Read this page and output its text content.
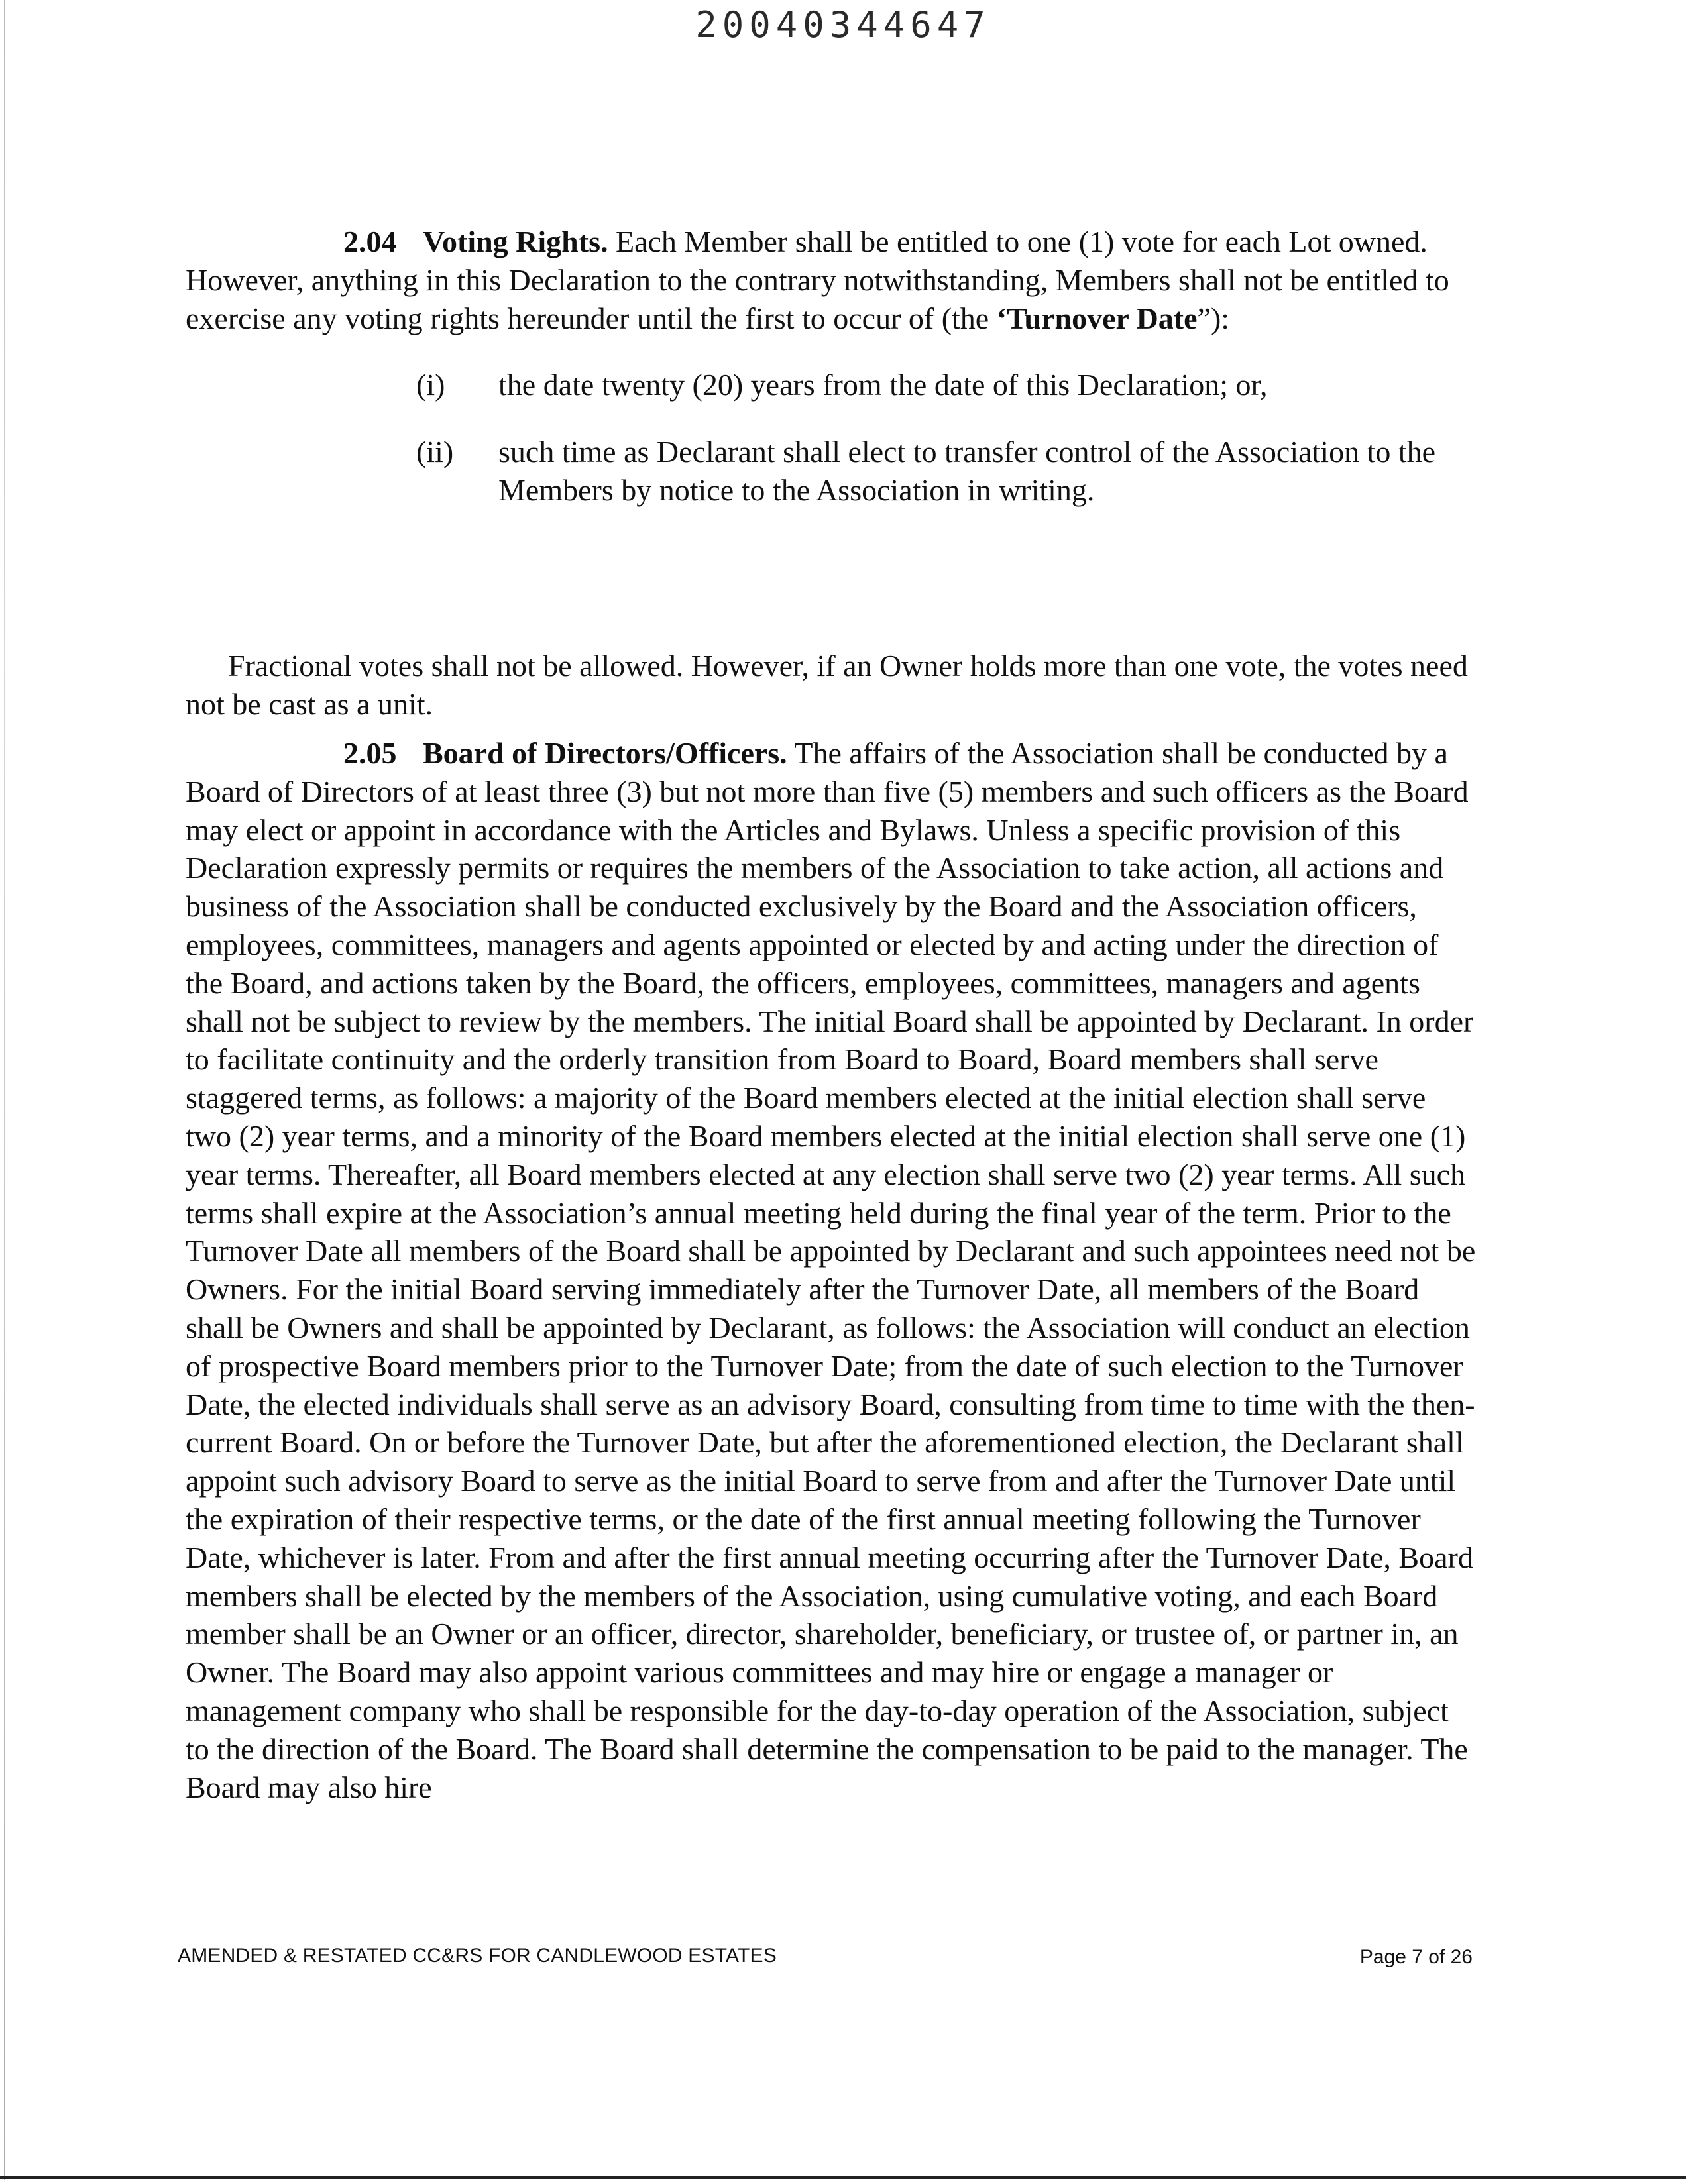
20040344647

2.04 Voting Rights. Each Member shall be entitled to one (1) vote for each Lot owned. However, anything in this Declaration to the contrary notwithstanding, Members shall not be entitled to exercise any voting rights hereunder until the first to occur of (the ‘Turnover Date”):

(i)	the date twenty (20) years from the date of this Declaration; or,
(ii)	such time as Declarant shall elect to transfer control of the Association to the Members by notice to the Association in writing.

Fractional votes shall not be allowed. However, if an Owner holds more than one vote, the votes need not be cast as a unit.

2.05 Board of Directors/Officers. The affairs of the Association shall be conducted by a Board of Directors of at least three (3) but not more than five (5) members and such officers as the Board may elect or appoint in accordance with the Articles and Bylaws. Unless a specific provision of this Declaration expressly permits or requires the members of the Association to take action, all actions and business of the Association shall be conducted exclusively by the Board and the Association officers, employees, committees, managers and agents appointed or elected by and acting under the direction of the Board, and actions taken by the Board, the officers, employees, committees, managers and agents shall not be subject to review by the members. The initial Board shall be appointed by Declarant. In order to facilitate continuity and the orderly transition from Board to Board, Board members shall serve staggered terms, as follows: a majority of the Board members elected at the initial election shall serve two (2) year terms, and a minority of the Board members elected at the initial election shall serve one (1) year terms. Thereafter, all Board members elected at any election shall serve two (2) year terms. All such terms shall expire at the Association’s annual meeting held during the final year of the term. Prior to the Turnover Date all members of the Board shall be appointed by Declarant and such appointees need not be Owners. For the initial Board serving immediately after the Turnover Date, all members of the Board shall be Owners and shall be appointed by Declarant, as follows: the Association will conduct an election of prospective Board members prior to the Turnover Date; from the date of such election to the Turnover Date, the elected individuals shall serve as an advisory Board, consulting from time to time with the then-current Board. On or before the Turnover Date, but after the aforementioned election, the Declarant shall appoint such advisory Board to serve as the initial Board to serve from and after the Turnover Date until the expiration of their respective terms, or the date of the first annual meeting following the Turnover Date, whichever is later. From and after the first annual meeting occurring after the Turnover Date, Board members shall be elected by the members of the Association, using cumulative voting, and each Board member shall be an Owner or an officer, director, shareholder, beneficiary, or trustee of, or partner in, an Owner. The Board may also appoint various committees and may hire or engage a manager or management company who shall be responsible for the day-to-day operation of the Association, subject to the direction of the Board. The Board shall determine the compensation to be paid to the manager. The Board may also hire

AMENDED & RESTATED CC&RS FOR CANDLEWOOD ESTATES	Page 7 of 26
